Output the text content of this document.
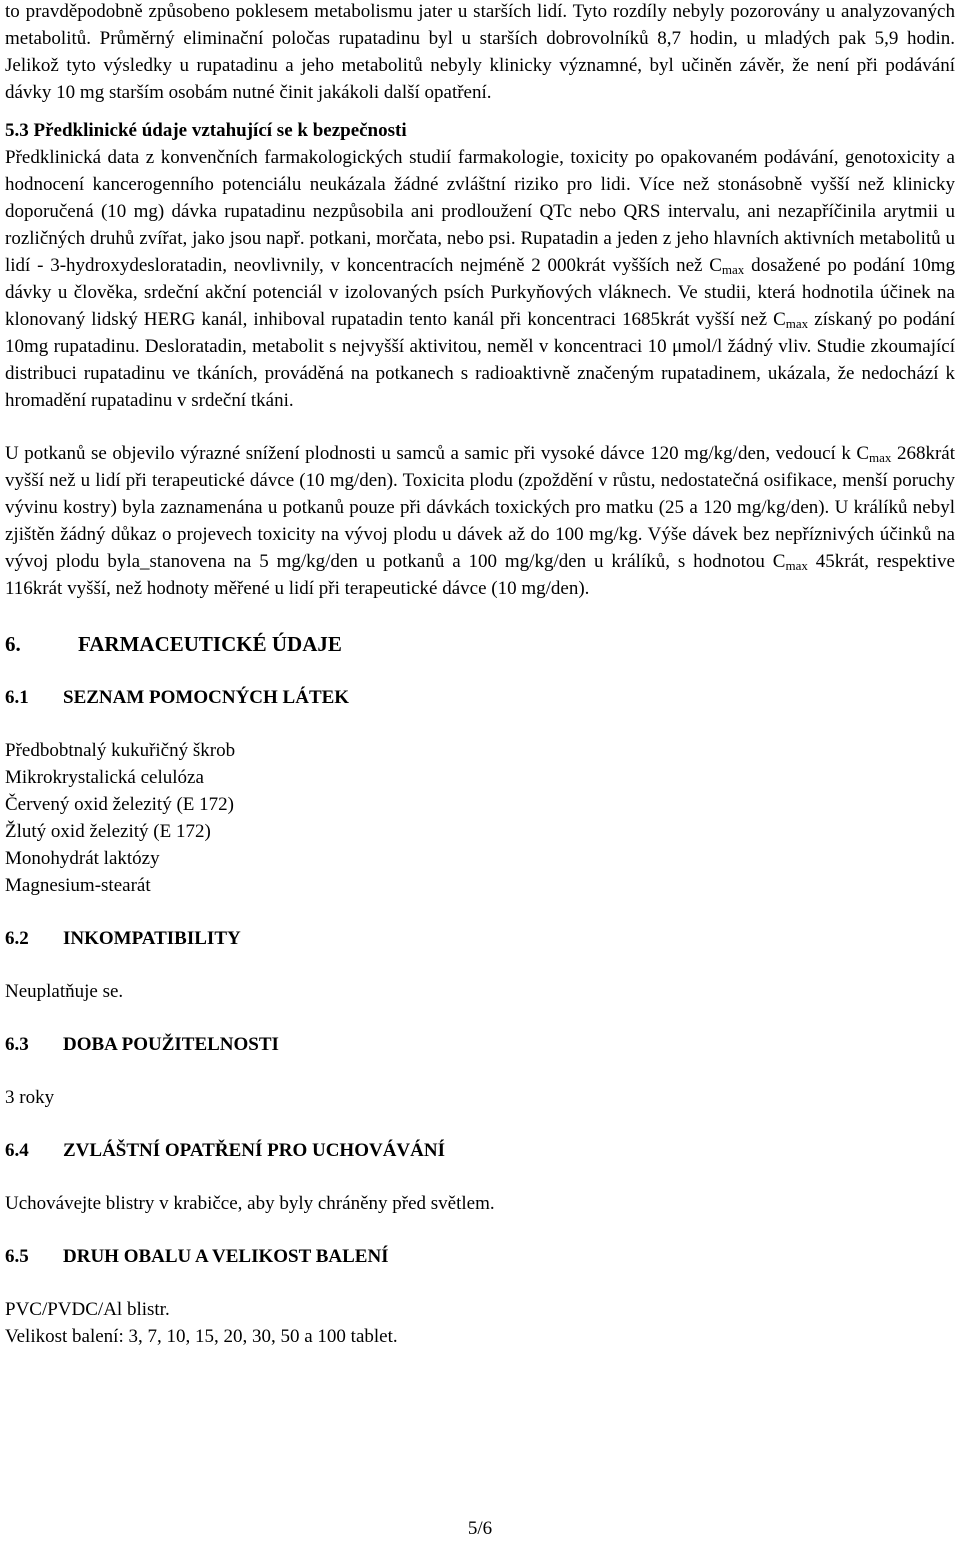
to pravděpodobně způsobeno poklesem metabolismu jater u starších lidí. Tyto rozdíly nebyly pozorovány u analyzovaných metabolitů. Průměrný eliminační poločas rupatadinu byl u starších dobrovolníků 8,7 hodin, u mladých pak 5,9 hodin. Jelikož tyto výsledky u rupatadinu a jeho metabolitů nebyly klinicky významné, byl učiněn závěr, že není při podávání dávky 10 mg starším osobám nutné činit jakákoli další opatření.

5.3 Předklinické údaje vztahující se k bezpečnosti

Předklinická data z konvenčních farmakologických studií farmakologie, toxicity po opakovaném podávání, genotoxicity a hodnocení kancerogenního potenciálu neukázala žádné zvláštní riziko pro lidi. Více než stonásobně vyšší než klinicky doporučená (10 mg) dávka rupatadinu nezpůsobila ani prodloužení QTc nebo QRS intervalu, ani nezapříčinila arytmii u rozličných druhů zvířat, jako jsou např. potkani, morčata, nebo psi. Rupatadin a jeden z jeho hlavních aktivních metabolitů u lidí - 3-hydroxydesloratadin, neovlivnily, v koncentracích nejméně 2 000krát vyšších než $C_{max}$ dosažené po podání 10mg dávky u člověka, srdeční akční potenciál v izolovaných psích Purkyňových vláknech. Ve studii, která hodnotila účinek na klonovaný lidský HERG kanál, inhiboval rupatadin tento kanál při koncentraci 1685krát vyšší než $C_{max}$ získaný po podání 10mg rupatadinu. Desloratadin, metabolit s nejvyšší aktivitou, neměl v koncentraci 10 μmol/l žádný vliv. Studie zkoumající distribuci rupatadinu ve tkáních, prováděná na potkanech s radioaktivně značeným rupatadinem, ukázala, že nedochází k hromadění rupatadinu v srdeční tkáni.

U potkanů se objevilo výrazné snížení plodnosti u samců a samic při vysoké dávce 120 mg/kg/den, vedoucí k $C_{max}$ 268krát vyšší než u lidí při terapeutické dávce (10 mg/den). Toxicita plodu (zpoždění v růstu, nedostatečná osifikace, menší poruchy vývinu kostry) byla zaznamenána u potkanů pouze při dávkách toxických pro matku (25 a 120 mg/kg/den). U králíků nebyl zjištěn žádný důkaz o projevech toxicity na vývoj plodu u dávek až do 100 mg/kg. Výše dávek bez nepříznivých účinků na vývoj plodu byla_stanovena na 5 mg/kg/den u potkanů a 100 mg/kg/den u králíků, s hodnotou $C_{max}$ 45krát, respektive 116krát vyšší, než hodnoty měřené u lidí při terapeutické dávce (10 mg/den).

6.	FARMACEUTICKÉ ÚDAJE

6.1 SEZNAM POMOCNÝCH LÁTEK

Předbobtnalý kukuřičný škrob

Mikrokrystalická celulóza

Červený oxid železitý (E 172)

Žlutý oxid železitý (E 172)

Monohydrát laktózy

Magnesium-stearát

6.2 INKOMPATIBILITY

Neuplatňuje se.

6.3 DOBA POUŽITELNOSTI

3 roky

6.4 ZVLÁŠTNÍ OPATŘENÍ PRO UCHOVÁVÁNÍ

Uchovávejte blistry v krabičce, aby byly chráněny před světlem.

6.5 DRUH OBALU A VELIKOST BALENÍ

PVC/PVDC/Al blistr.

Velikost balení: 3, 7, 10, 15, 20, 30, 50 a 100 tablet.

5/6
